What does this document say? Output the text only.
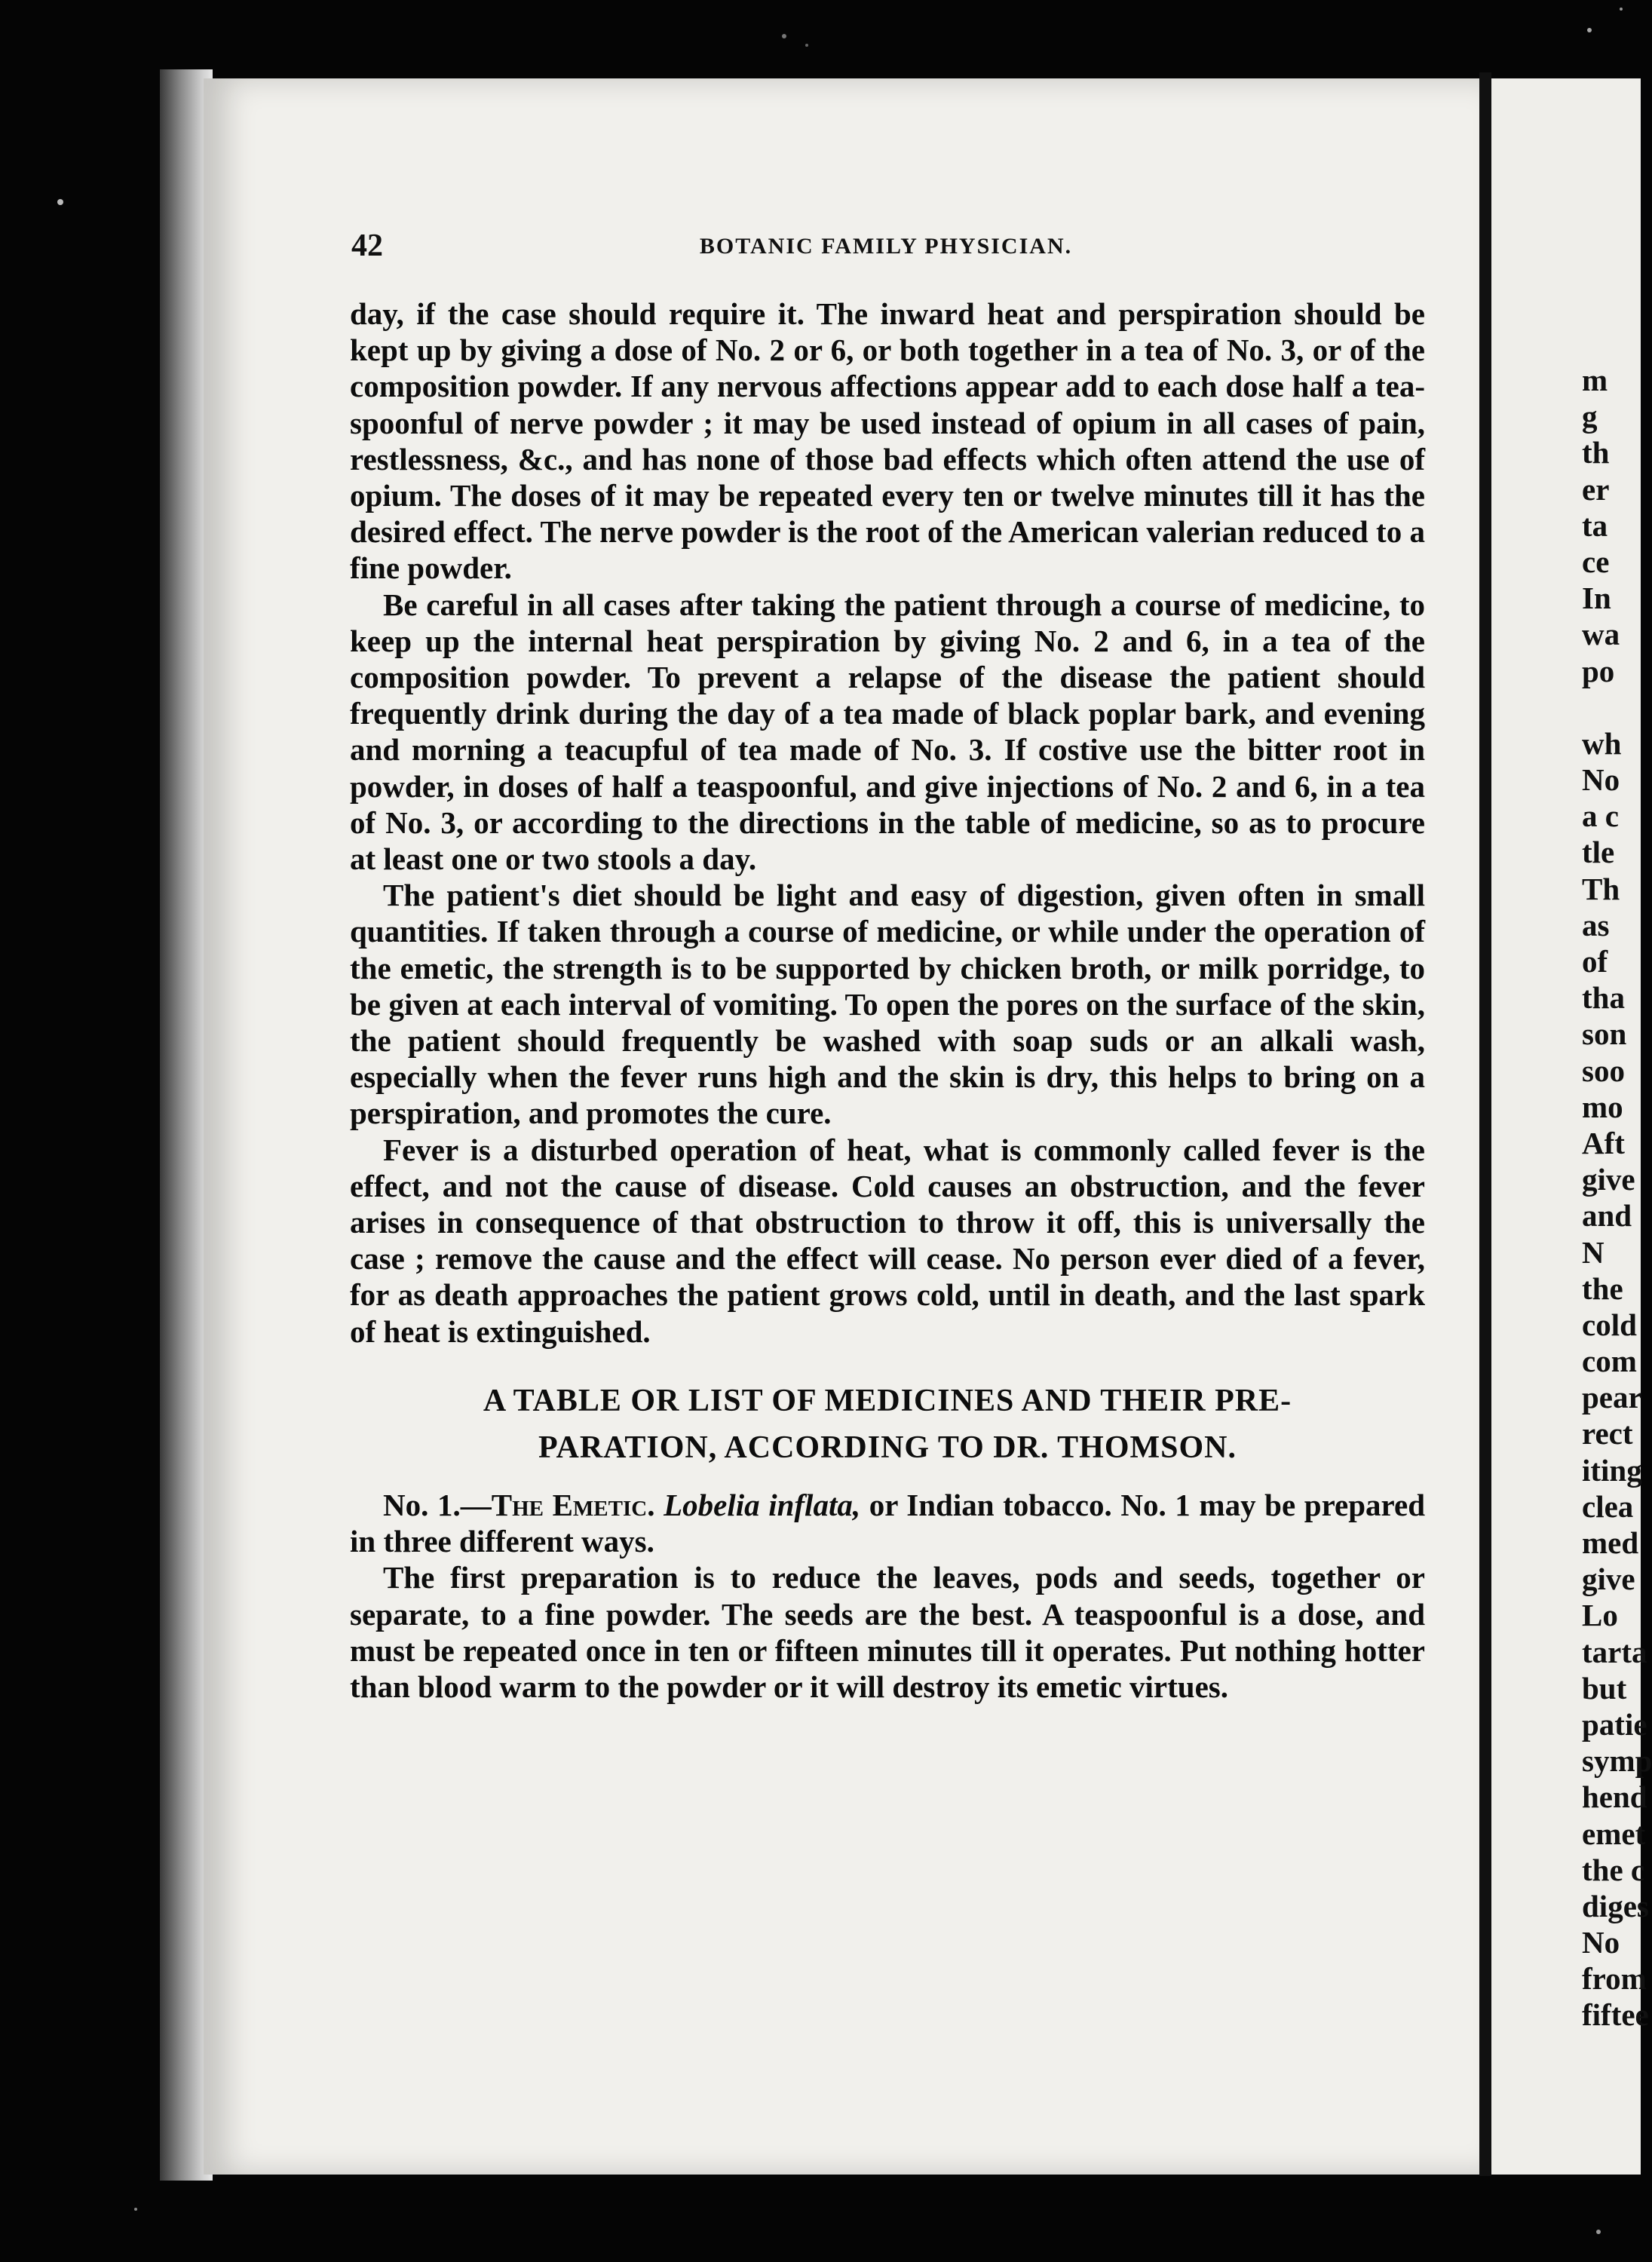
42	BOTANIC FAMILY PHYSICIAN.

day, if the case should require it. The inward heat and perspiration should be kept up by giving a dose of No. 2 or 6, or both together in a tea of No. 3, or of the composition powder. If any nervous affections appear add to each dose half a tea-spoonful of nerve powder ; it may be used instead of opium in all cases of pain, restlessness, &c., and has none of those bad effects which often attend the use of opium. The doses of it may be repeated every ten or twelve minutes till it has the desired effect. The nerve powder is the root of the American valerian reduced to a fine powder.

Be careful in all cases after taking the patient through a course of medicine, to keep up the internal heat perspiration by giving No. 2 and 6, in a tea of the composition powder. To prevent a relapse of the disease the patient should frequently drink during the day of a tea made of black poplar bark, and evening and morning a teacupful of tea made of No. 3. If costive use the bitter root in powder, in doses of half a teaspoonful, and give injections of No. 2 and 6, in a tea of No. 3, or according to the directions in the table of medicine, so as to procure at least one or two stools a day.

The patient's diet should be light and easy of digestion, given often in small quantities. If taken through a course of medicine, or while under the operation of the emetic, the strength is to be supported by chicken broth, or milk porridge, to be given at each interval of vomiting. To open the pores on the surface of the skin, the patient should frequently be washed with soap suds or an alkali wash, especially when the fever runs high and the skin is dry, this helps to bring on a perspiration, and promotes the cure.

Fever is a disturbed operation of heat, what is commonly called fever is the effect, and not the cause of disease. Cold causes an obstruction, and the fever arises in consequence of that obstruction to throw it off, this is universally the case ; remove the cause and the effect will cease. No person ever died of a fever, for as death approaches the patient grows cold, until in death, and the last spark of heat is extinguished.

A TABLE OR LIST OF MEDICINES AND THEIR PRE-
PARATION, ACCORDING TO DR. THOMSON.

No. 1.—The Emetic. Lobelia inflata, or Indian tobacco. No. 1 may be prepared in three different ways.

The first preparation is to reduce the leaves, pods and seeds, together or separate, to a fine powder. The seeds are the best. A teaspoonful is a dose, and must be repeated once in ten or fifteen minutes till it operates. Put nothing hotter than blood warm to the powder or it will destroy its emetic virtues.

m
g
th
er
ta
ce
In
wa
po
wh
No
a c
tle
Th
as
of
tha
son
soo
mo
Aft
give
and
N
the
cold
com
pear
rect
iting
clea
med
give
Lo
tarta
but
patie
symp
hend
emet
the c
diges
No
from
fiftee
